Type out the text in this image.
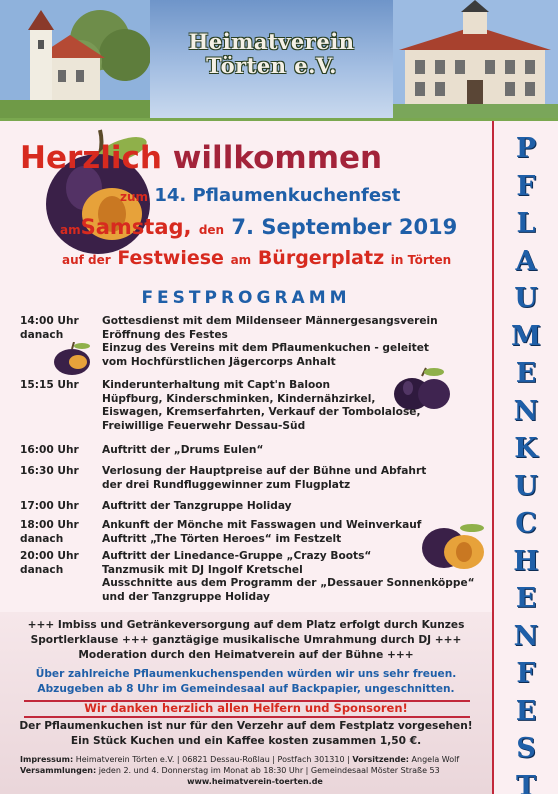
Heimatverein
Törten e.V.
P
F
L
A
U
M
E
N
K
U
C
H
E
N
F
E
S
T
Herzlich willkommen
zum 14. Pflaumenkuchenfest
amSamstag, den 7. September 2019
auf der Festwiese am Bürgerplatz in Törten
FESTPROGRAMM
14:00 Uhr	Gottesdienst mit dem Mildenseer Männergesangsverein
danach	Eröffnung des Festes
Einzug des Vereins mit dem Pflaumenkuchen - geleitet
vom Hochfürstlichen Jägercorps Anhalt
15:15 Uhr	Kinderunterhaltung mit Capt'n Baloon
Hüpfburg, Kinderschminken, Kindernähzirkel,
Eiswagen, Kremserfahrten, Verkauf der Tombolalose,
Freiwillige Feuerwehr Dessau-Süd
16:00 Uhr	Auftritt der „Drums Eulen“
16:30 Uhr	Verlosung der Hauptpreise auf der Bühne und Abfahrt
der drei Rundfluggewinner zum Flugplatz
17:00 Uhr	Auftritt der Tanzgruppe Holiday
18:00 Uhr	Ankunft der Mönche mit Fasswagen und Weinverkauf
danach	Auftritt „The Törten Heroes“ im Festzelt
20:00 Uhr	Auftritt der Linedance-Gruppe „Crazy Boots“
danach	Tanzmusik mit DJ Ingolf Kretschel
Ausschnitte aus dem Programm der „Dessauer Sonnenköppe“
und der Tanzgruppe Holiday
+++ Imbiss und Getränkeversorgung auf dem Platz erfolgt durch Kunzes
Sportlerklause +++ ganztägige musikalische Umrahmung durch DJ +++
Moderation durch den Heimatverein auf der Bühne +++
Über zahlreiche Pflaumenkuchenspenden würden wir uns sehr freuen.
Abzugeben ab 8 Uhr im Gemeindesaal auf Backpapier, ungeschnitten.
Wir danken herzlich allen Helfern und Sponsoren!
Der Pflaumenkuchen ist nur für den Verzehr auf dem Festplatz vorgesehen!
Ein Stück Kuchen und ein Kaffee kosten zusammen 1,50 €.
Impressum: Heimatverein Törten e.V. | 06821 Dessau-Roßlau | Postfach 301310 | Vorsitzende: Angela Wolf
Versammlungen: jeden 2. und 4. Donnerstag im Monat ab 18:30 Uhr | Gemeindesaal Möster Straße 53
www.heimatverein-toerten.de
